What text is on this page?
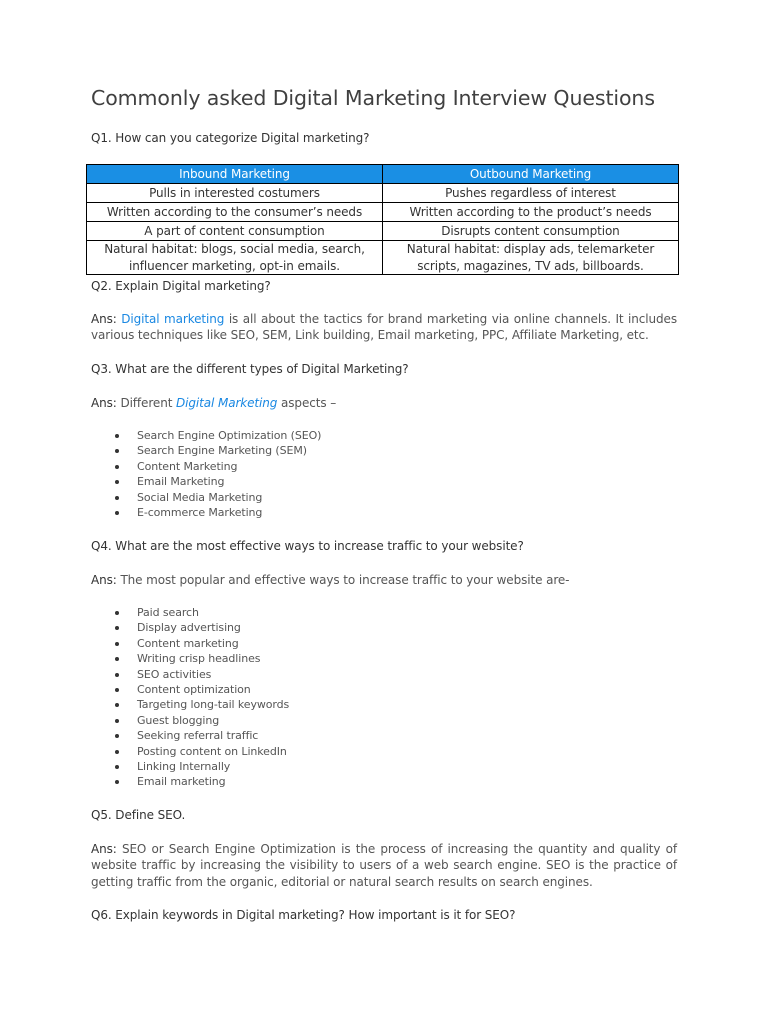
Commonly asked Digital Marketing Interview Questions

Q1. How can you categorize Digital marketing?

Inbound Marketing	Outbound Marketing
Pulls in interested costumers	Pushes regardless of interest
Written according to the consumer’s needs	Written according to the product’s needs
A part of content consumption	Disrupts content consumption
Natural habitat: blogs, social media, search, influencer marketing, opt-in emails.	Natural habitat: display ads, telemarketer scripts, magazines, TV ads, billboards.

Q2. Explain Digital marketing?

Ans: Digital marketing is all about the tactics for brand marketing via online channels. It includes various techniques like SEO, SEM, Link building, Email marketing, PPC, Affiliate Marketing, etc.

Q3. What are the different types of Digital Marketing?

Ans: Different Digital Marketing aspects –

Search Engine Optimization (SEO)
Search Engine Marketing (SEM)
Content Marketing
Email Marketing
Social Media Marketing
E-commerce Marketing

Q4. What are the most effective ways to increase traffic to your website?

Ans: The most popular and effective ways to increase traffic to your website are-

Paid search
Display advertising
Content marketing
Writing crisp headlines
SEO activities
Content optimization
Targeting long-tail keywords
Guest blogging
Seeking referral traffic
Posting content on LinkedIn
Linking Internally
Email marketing

Q5. Define SEO.

Ans: SEO or Search Engine Optimization is the process of increasing the quantity and quality of website traffic by increasing the visibility to users of a web search engine. SEO is the practice of getting traffic from the organic, editorial or natural search results on search engines.

Q6. Explain keywords in Digital marketing? How important is it for SEO?
